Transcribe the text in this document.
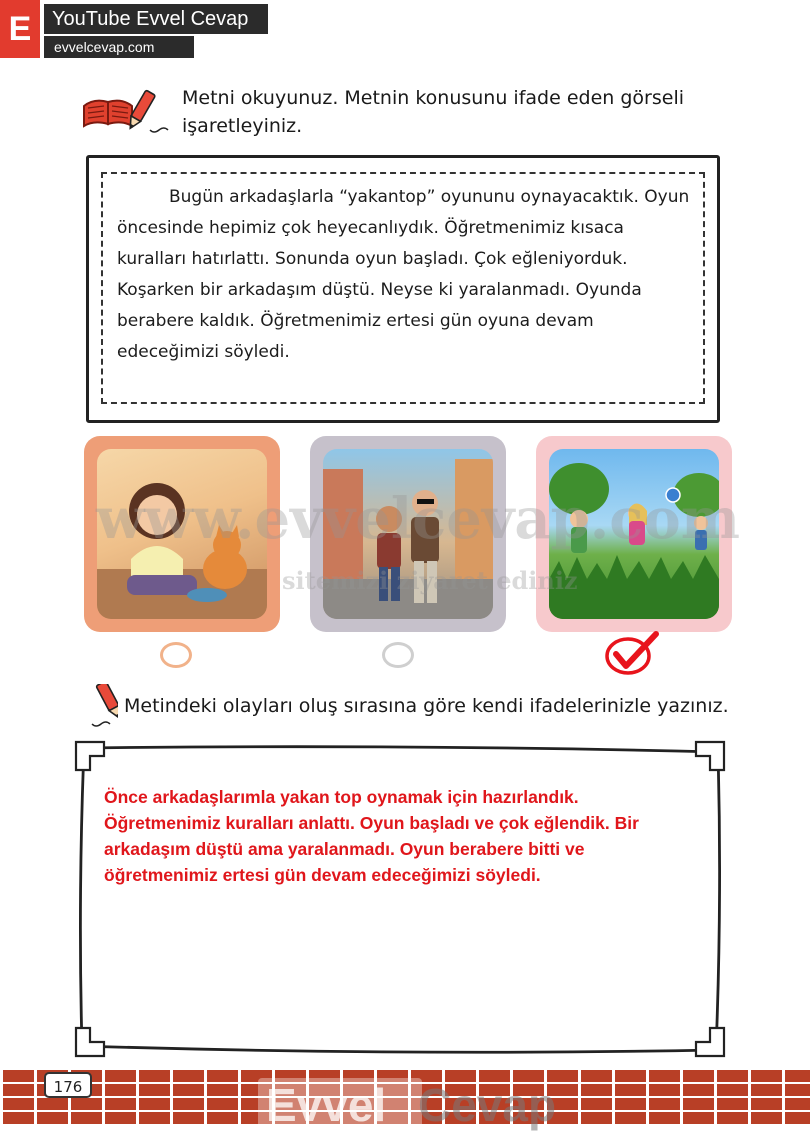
E	YouTube Evvel Cevap
evvelcevap.com
Metni okuyunuz. Metnin konusunu ifade eden görseli
işaretleyiniz.
Bugün arkadaşlarla “yakantop” oyununu oynayacaktık. Oyun öncesinde hepimiz çok heyecanlıydık. Öğretmenimiz kısaca kuralları hatırlattı. Sonunda oyun başladı. Çok eğleniyorduk. Koşarken bir arkadaşım düştü. Neyse ki yaralanmadı. Oyunda berabere kaldık. Öğretmenimiz ertesi gün oyuna devam edeceğimizi söyledi.
www.evvelcevap.com
sitemizi ziyaret ediniz
Metindeki olayları oluş sırasına göre kendi ifadelerinizle yazınız.
Önce arkadaşlarımla yakan top oynamak için hazırlandık. Öğretmenimiz kuralları anlattı. Oyun başladı ve çok eğlendik. Bir arkadaşım düştü ama yaralanmadı. Oyun berabere bitti ve öğretmenimiz ertesi gün devam edeceğimizi söyledi.
176	Evvel Cevap
